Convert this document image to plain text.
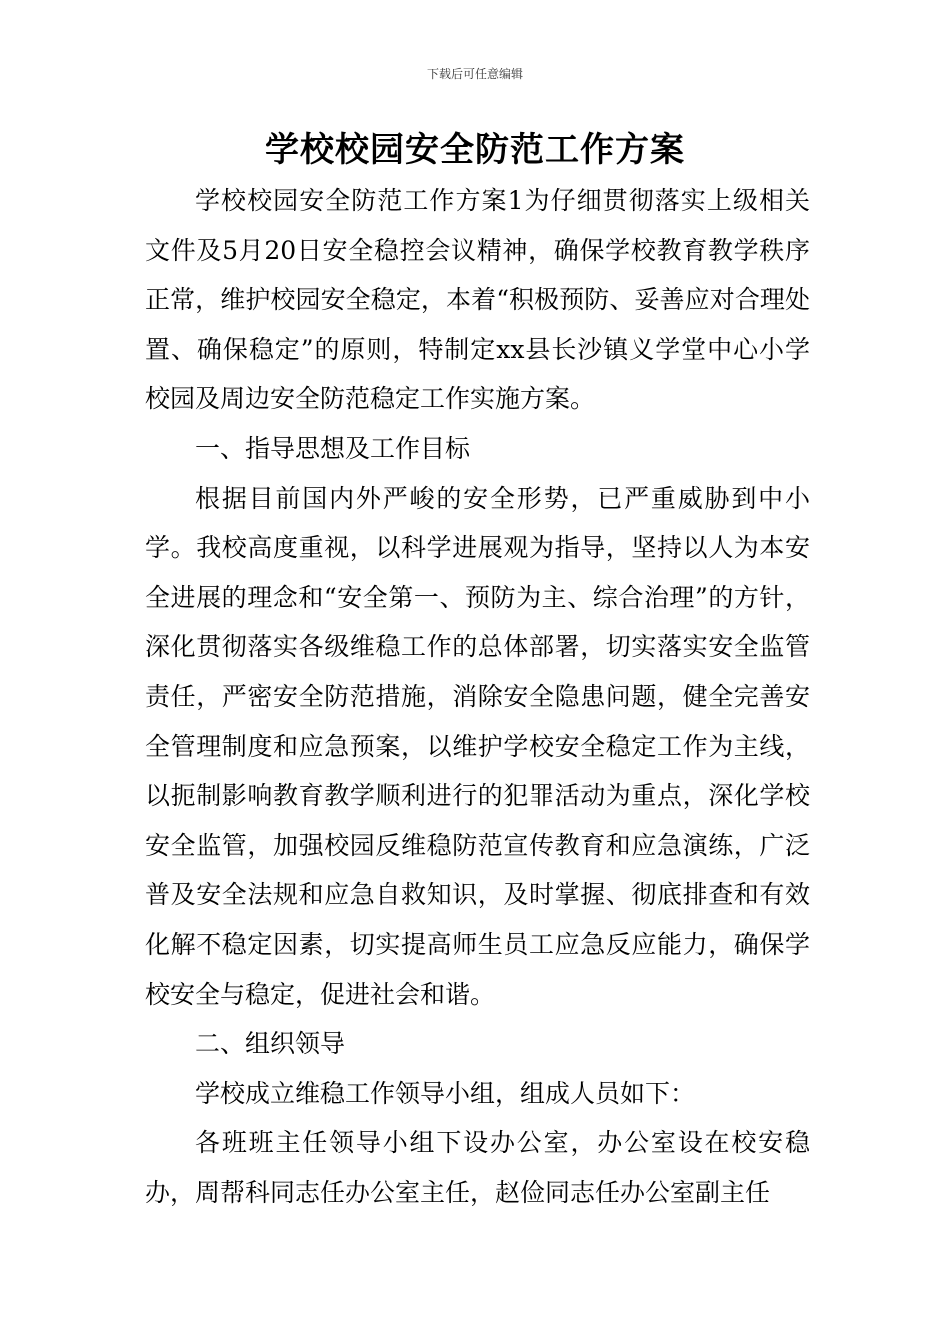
下载后可任意编辑
学校校园安全防范工作方案

学校校园安全防范工作方案1为仔细贯彻落实上级相关文件及5月20日安全稳控会议精神，确保学校教育教学秩序正常，维护校园安全稳定，本着“积极预防、妥善应对合理处置、确保稳定”的原则，特制定xx县长沙镇义学堂中心小学校园及周边安全防范稳定工作实施方案。

一、指导思想及工作目标

根据目前国内外严峻的安全形势，已严重威胁到中小学。我校高度重视，以科学进展观为指导，坚持以人为本安全进展的理念和“安全第一、预防为主、综合治理”的方针，深化贯彻落实各级维稳工作的总体部署，切实落实安全监管责任，严密安全防范措施，消除安全隐患问题，健全完善安全管理制度和应急预案，以维护学校安全稳定工作为主线，以扼制影响教育教学顺利进行的犯罪活动为重点，深化学校安全监管，加强校园反维稳防范宣传教育和应急演练，广泛普及安全法规和应急自救知识，及时掌握、彻底排查和有效化解不稳定因素，切实提高师生员工应急反应能力，确保学校安全与稳定，促进社会和谐。

二、组织领导

学校成立维稳工作领导小组，组成人员如下：

各班班主任领导小组下设办公室，办公室设在校安稳办，周帮科同志任办公室主任，赵俭同志任办公室副主任
